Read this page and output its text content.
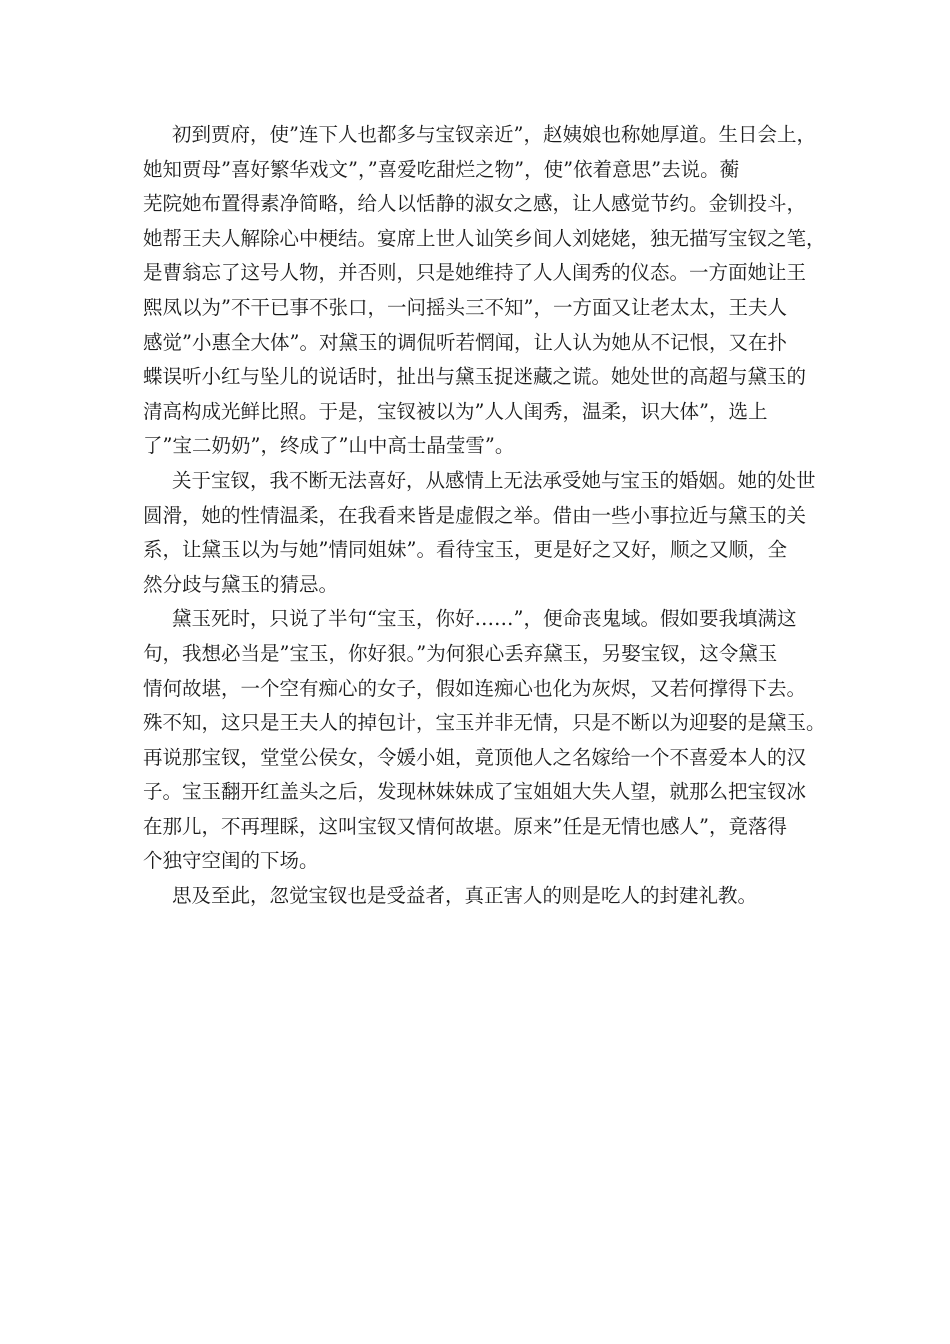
初到贾府，使”连下人也都多与宝钗亲近”，赵姨娘也称她厚道。生日会上，
她知贾母”喜好繁华戏文”，”喜爱吃甜烂之物”，使”依着意思”去说。蘅
芜院她布置得素净简略，给人以恬静的淑女之感，让人感觉节约。金钏投斗，
她帮王夫人解除心中梗结。宴席上世人讪笑乡间人刘姥姥，独无描写宝钗之笔，
是曹翁忘了这号人物，并否则，只是她维持了人人闺秀的仪态。一方面她让王
熙凤以为”不干已事不张口，一问摇头三不知”，一方面又让老太太，王夫人
感觉”小惠全大体”。对黛玉的调侃听若惘闻，让人认为她从不记恨，又在扑
蝶误听小红与坠儿的说话时，扯出与黛玉捉迷藏之谎。她处世的高超与黛玉的
清高构成光鲜比照。于是，宝钗被以为”人人闺秀，温柔，识大体”，选上
了”宝二奶奶”，终成了”山中高士晶莹雪”。
关于宝钗，我不断无法喜好，从感情上无法承受她与宝玉的婚姻。她的处世
圆滑，她的性情温柔，在我看来皆是虚假之举。借由一些小事拉近与黛玉的关
系，让黛玉以为与她”情同姐妹”。看待宝玉，更是好之又好，顺之又顺，全
然分歧与黛玉的猜忌。
黛玉死时，只说了半句“宝玉，你好……”，便命丧鬼域。假如要我填满这
句，我想必当是”宝玉，你好狠。”为何狠心丢弃黛玉，另娶宝钗，这令黛玉
情何故堪，一个空有痴心的女子，假如连痴心也化为灰烬，又若何撑得下去。
殊不知，这只是王夫人的掉包计，宝玉并非无情，只是不断以为迎娶的是黛玉。
再说那宝钗，堂堂公侯女，令媛小姐，竟顶他人之名嫁给一个不喜爱本人的汉
子。宝玉翻开红盖头之后，发现林妹妹成了宝姐姐大失人望，就那么把宝钗冰
在那儿，不再理睬，这叫宝钗又情何故堪。原来”任是无情也感人”，竟落得
个独守空闺的下场。
思及至此，忽觉宝钗也是受益者，真正害人的则是吃人的封建礼教。
